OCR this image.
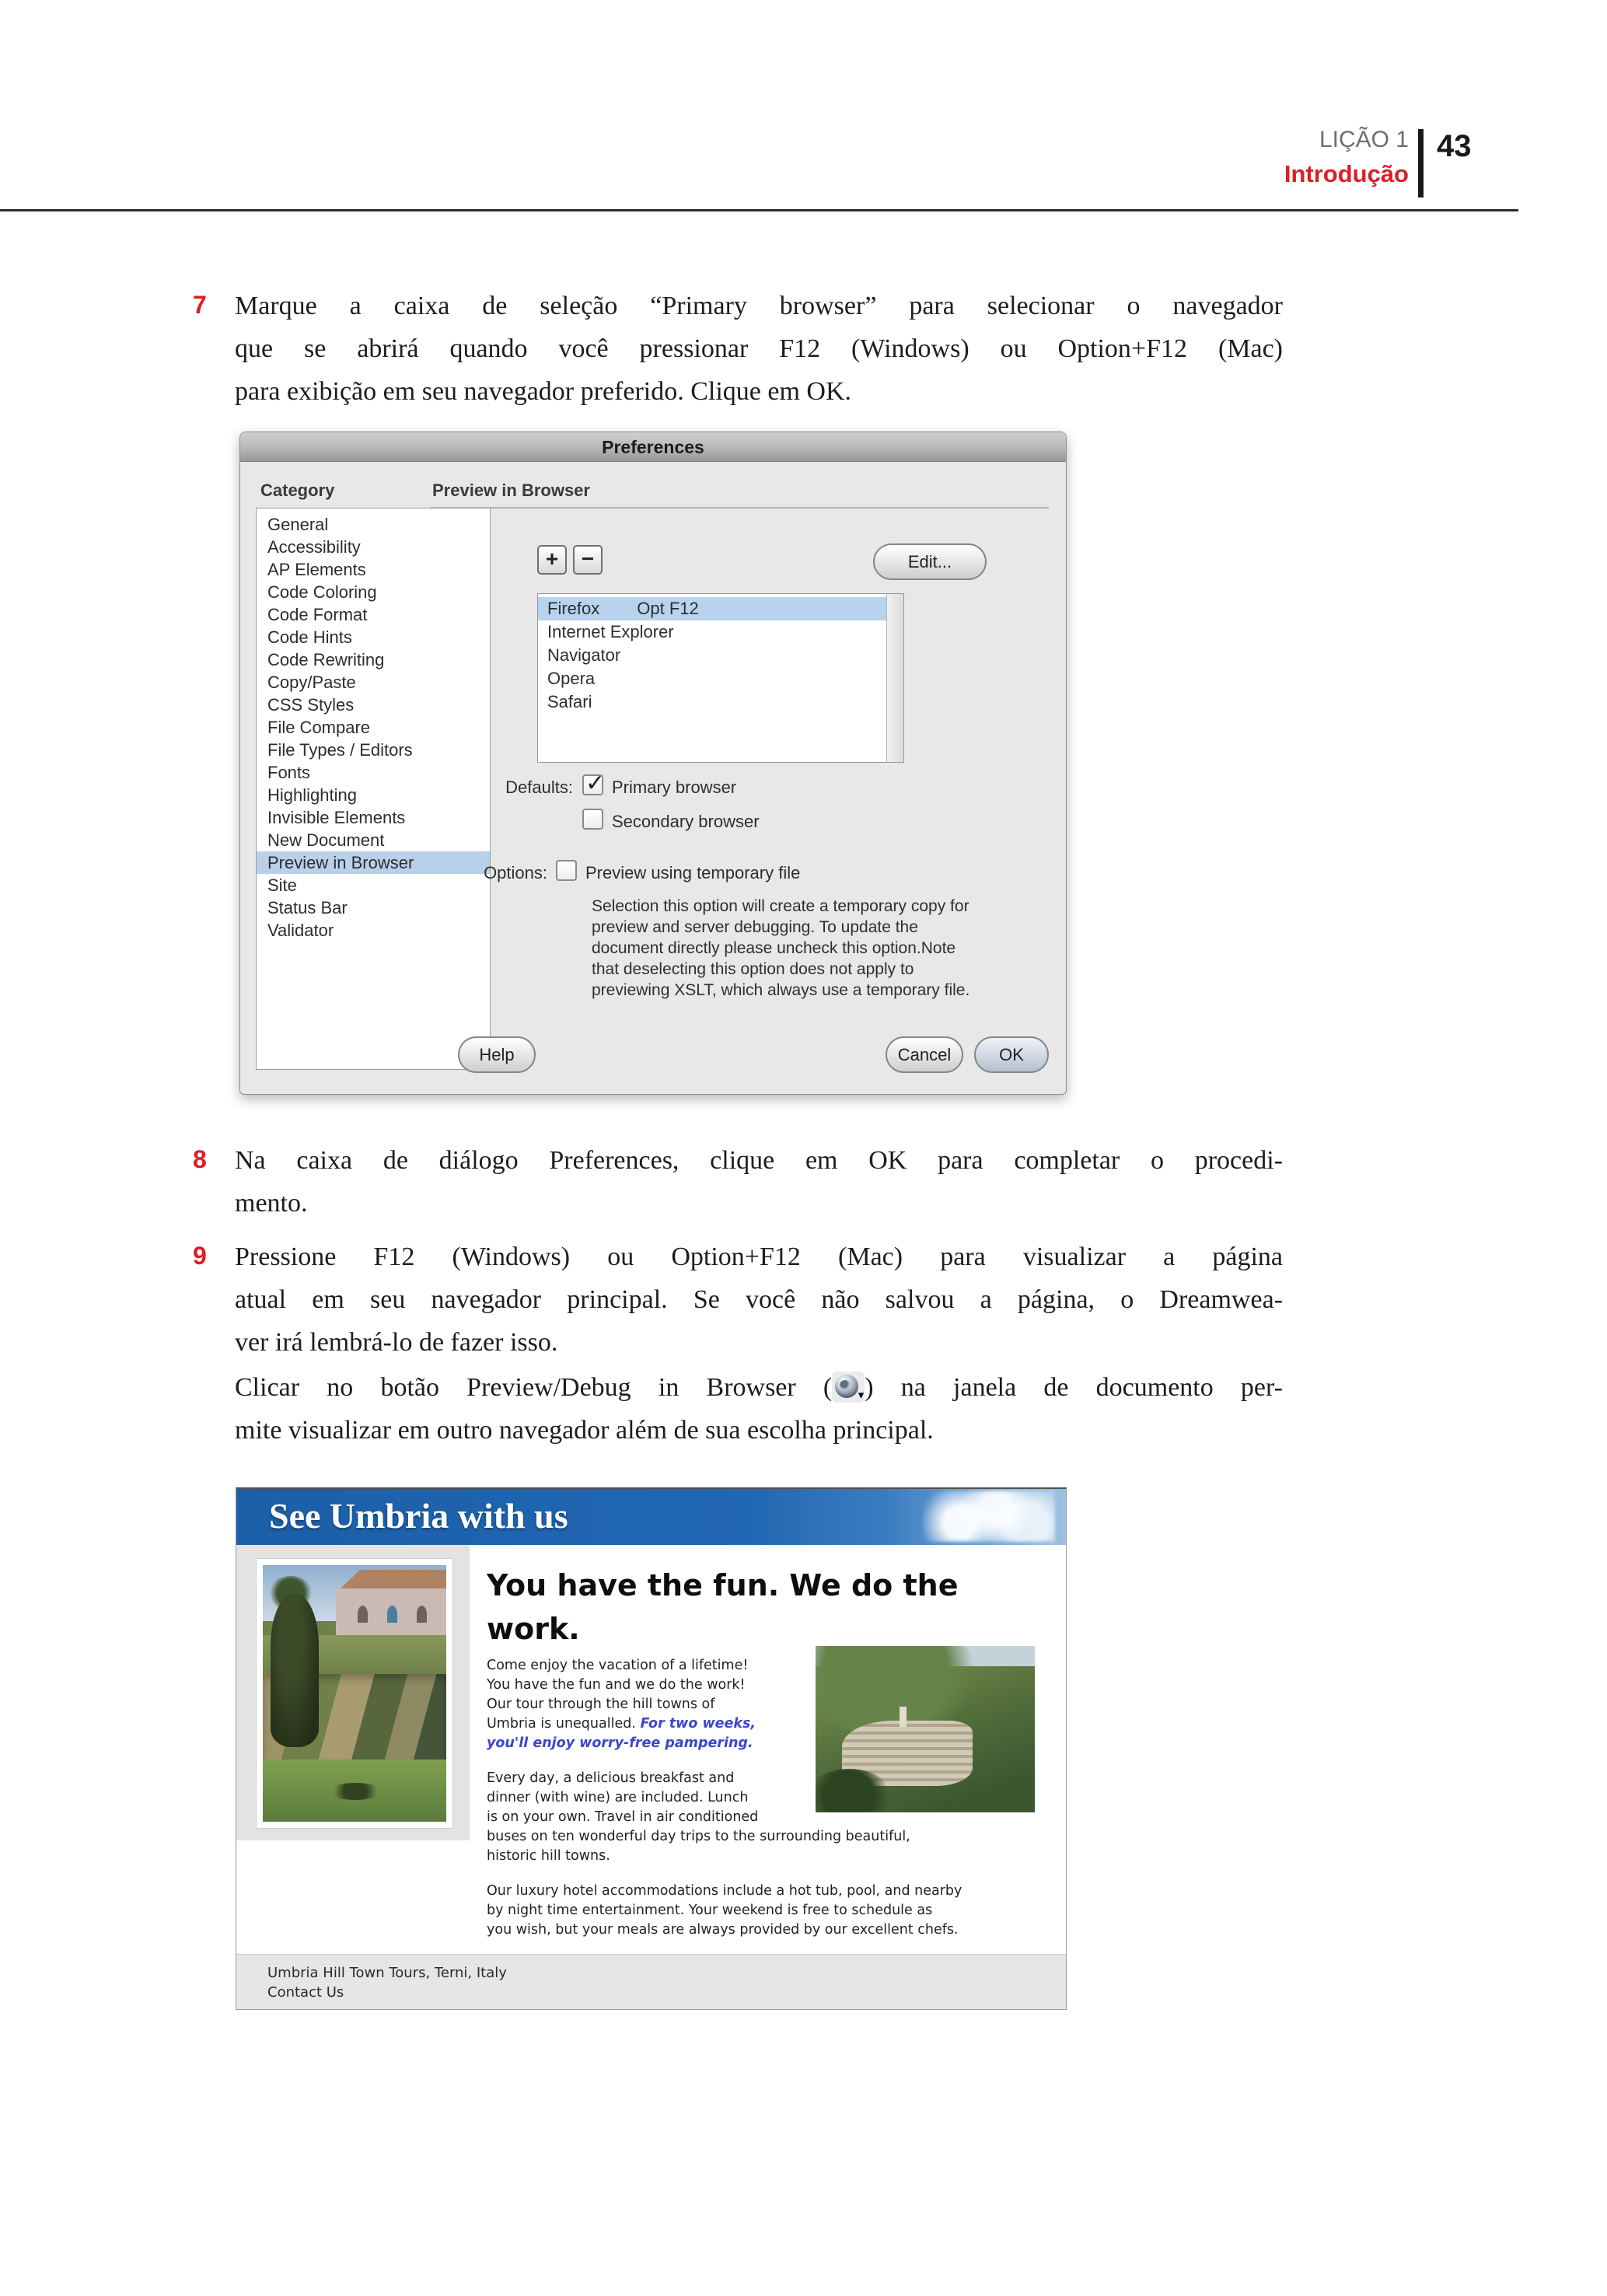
LIÇÃO 1
Introdução
43
7	Marque a caixa de seleção “Primary browser” para selecionar o navegador
que se abrirá quando você pressionar F12 (Windows) ou Option+F12 (Mac)
para exibição em seu navegador preferido. Clique em OK.
Preferences
Category	Preview in Browser
General
Accessibility
AP Elements
Code Coloring
Code Format
Code Hints
Code Rewriting
Copy/Paste
CSS Styles
File Compare
File Types / Editors
Fonts
Highlighting
Invisible Elements
New Document
Preview in Browser
Site
Status Bar
Validator
+	−	Edit...
Firefox Opt F12
Internet Explorer
Navigator
Opera
Safari
Defaults: ✓ Primary browser
Secondary browser
Options: Preview using temporary file
Selection this option will create a temporary copy for
preview and server debugging. To update the
document directly please uncheck this option.Note
that deselecting this option does not apply to
previewing XSLT, which always use a temporary file.
Help	Cancel	OK
8	Na caixa de diálogo Preferences, clique em OK para completar o procedi-
mento.
9	Pressione F12 (Windows) ou Option+F12 (Mac) para visualizar a página
atual em seu navegador principal. Se você não salvou a página, o Dreamwea-
ver irá lembrá-lo de fazer isso.
Clicar no botão Preview/Debug in Browser ( ▾ ) na janela de documento per-
mite visualizar em outro navegador além de sua escolha principal.
See Umbria with us
You have the fun. We do the
work.
Come enjoy the vacation of a lifetime!
You have the fun and we do the work!
Our tour through the hill towns of
Umbria is unequalled. For two weeks,
you'll enjoy worry-free pampering.
Every day, a delicious breakfast and
dinner (with wine) are included. Lunch
is on your own. Travel in air conditioned
buses on ten wonderful day trips to the surrounding beautiful,
historic hill towns.
Our luxury hotel accommodations include a hot tub, pool, and nearby
by night time entertainment. Your weekend is free to schedule as
you wish, but your meals are always provided by our excellent chefs.
Umbria Hill Town Tours, Terni, Italy
Contact Us
